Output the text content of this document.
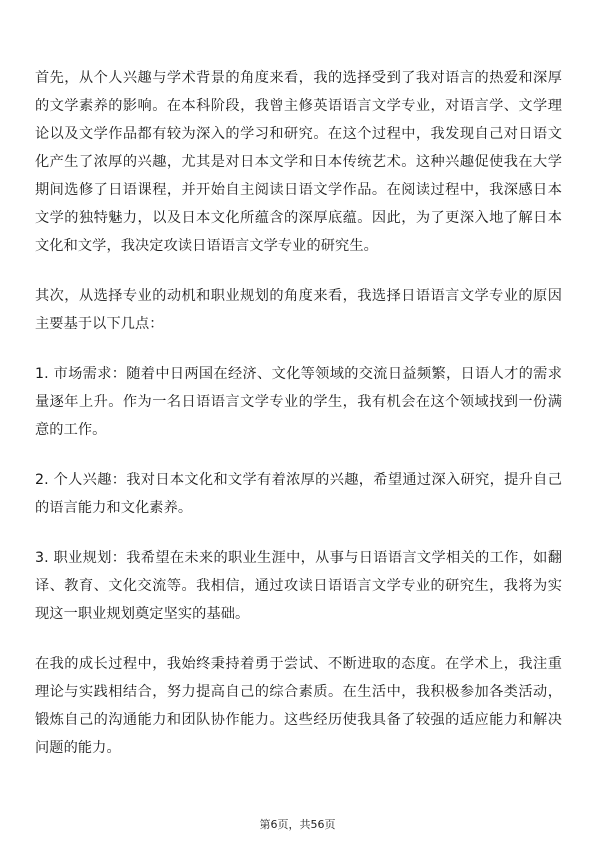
首先，从个人兴趣与学术背景的角度来看，我的选择受到了我对语言的热爱和深厚的文学素养的影响。在本科阶段，我曾主修英语语言文学专业，对语言学、文学理论以及文学作品都有较为深入的学习和研究。在这个过程中，我发现自己对日语文化产生了浓厚的兴趣，尤其是对日本文学和日本传统艺术。这种兴趣促使我在大学期间选修了日语课程，并开始自主阅读日语文学作品。在阅读过程中，我深感日本文学的独特魅力，以及日本文化所蕴含的深厚底蕴。因此，为了更深入地了解日本文化和文学，我决定攻读日语语言文学专业的研究生。

其次，从选择专业的动机和职业规划的角度来看，我选择日语语言文学专业的原因主要基于以下几点：

1. 市场需求：随着中日两国在经济、文化等领域的交流日益频繁，日语人才的需求量逐年上升。作为一名日语语言文学专业的学生，我有机会在这个领域找到一份满意的工作。

2. 个人兴趣：我对日本文化和文学有着浓厚的兴趣，希望通过深入研究，提升自己的语言能力和文化素养。

3. 职业规划：我希望在未来的职业生涯中，从事与日语语言文学相关的工作，如翻译、教育、文化交流等。我相信，通过攻读日语语言文学专业的研究生，我将为实现这一职业规划奠定坚实的基础。

在我的成长过程中，我始终秉持着勇于尝试、不断进取的态度。在学术上，我注重理论与实践相结合，努力提高自己的综合素质。在生活中，我积极参加各类活动，锻炼自己的沟通能力和团队协作能力。这些经历使我具备了较强的适应能力和解决问题的能力。

第6页，共56页
